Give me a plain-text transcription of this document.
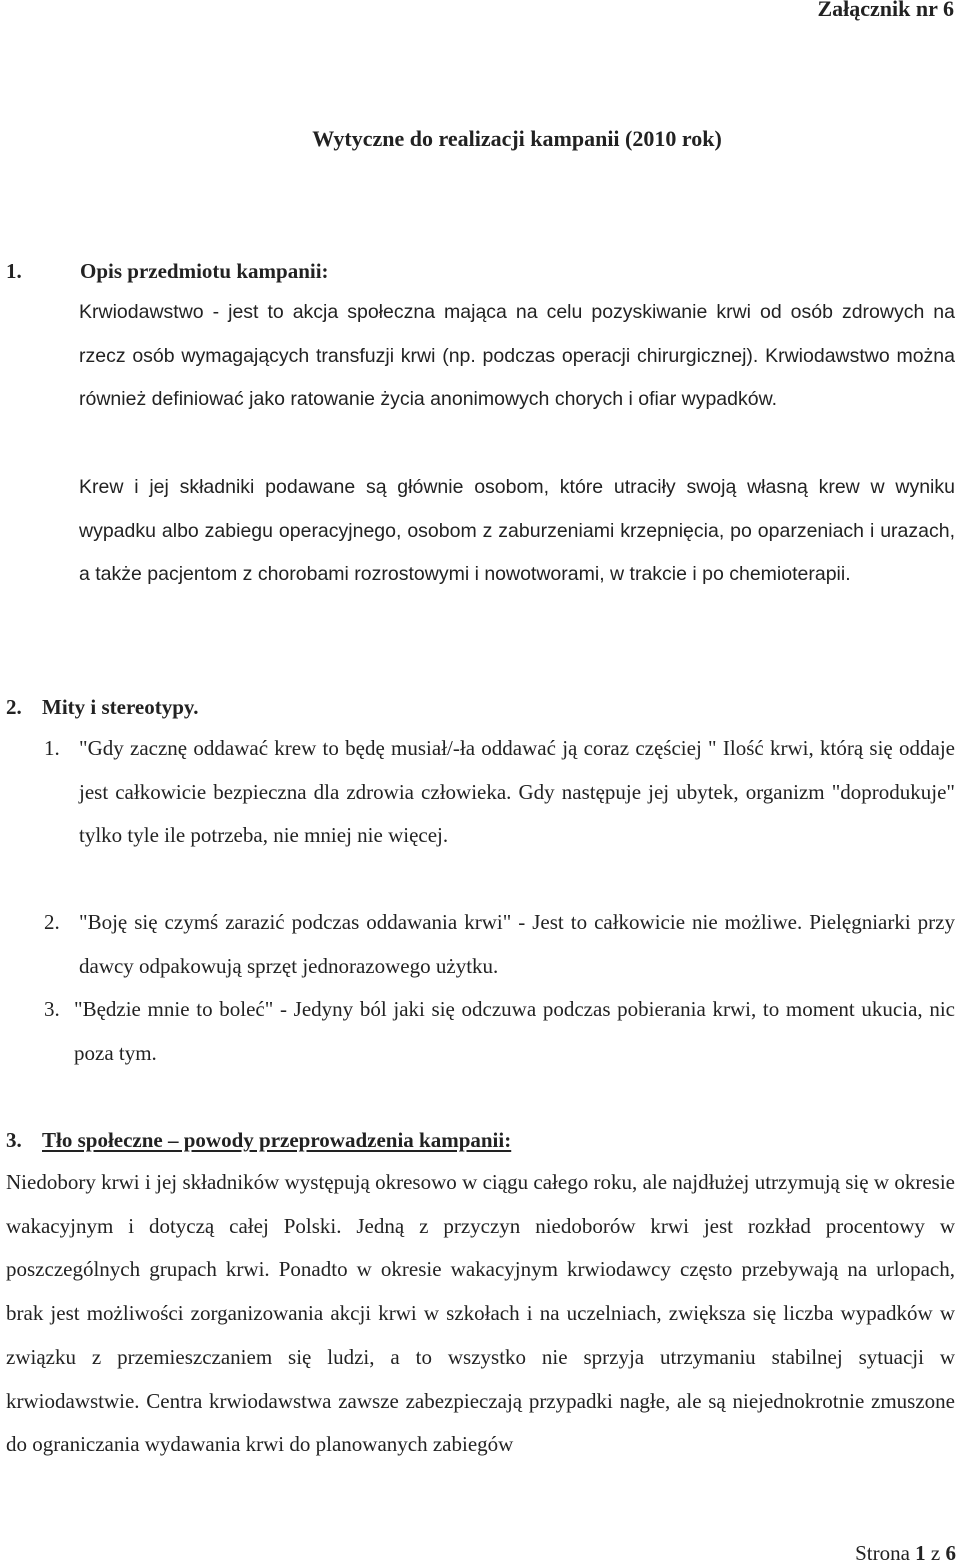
Załącznik nr 6

Wytyczne do realizacji kampanii (2010 rok)

1.	Opis przedmiotu kampanii:

Krwiodawstwo - jest to akcja społeczna mająca na celu pozyskiwanie krwi od osób zdrowych na rzecz osób wymagających transfuzji krwi (np. podczas operacji chirurgicznej). Krwiodawstwo można również definiować jako ratowanie życia anonimowych chorych i ofiar wypadków.

Krew i jej składniki podawane są głównie osobom, które utraciły swoją własną krew w wyniku wypadku albo zabiegu operacyjnego, osobom z zaburzeniami krzepnięcia, po oparzeniach i urazach, a także pacjentom z chorobami rozrostowymi i nowotworami, w trakcie i po chemioterapii.

2. Mity i stereotypy.

1. "Gdy zacznę oddawać krew to będę musiał/-ła oddawać ją coraz częściej " Ilość krwi, którą się oddaje jest całkowicie bezpieczna dla zdrowia człowieka. Gdy następuje jej ubytek, organizm "doprodukuje" tylko tyle ile potrzeba, nie mniej nie więcej.

2. "Boję się czymś zarazić podczas oddawania krwi" - Jest to całkowicie nie możliwe. Pielęgniarki przy dawcy odpakowują sprzęt jednorazowego użytku.

3. "Będzie mnie to boleć" - Jedyny ból jaki się odczuwa podczas pobierania krwi, to moment ukucia, nic poza tym.

3. Tło społeczne – powody przeprowadzenia kampanii:

Niedobory krwi i jej składników występują okresowo w ciągu całego roku, ale najdłużej utrzymują się w okresie wakacyjnym i dotyczą całej Polski. Jedną z przyczyn niedoborów krwi jest rozkład procentowy w poszczególnych grupach krwi. Ponadto w okresie wakacyjnym krwiodawcy często przebywają na urlopach, brak jest możliwości zorganizowania akcji krwi w szkołach i na uczelniach, zwiększa się liczba wypadków w związku z przemieszczaniem się ludzi, a to wszystko nie sprzyja utrzymaniu stabilnej sytuacji w krwiodawstwie. Centra krwiodawstwa zawsze zabezpieczają przypadki nagłe, ale są niejednokrotnie zmuszone do ograniczania wydawania krwi do planowanych zabiegów

Strona 1 z 6
